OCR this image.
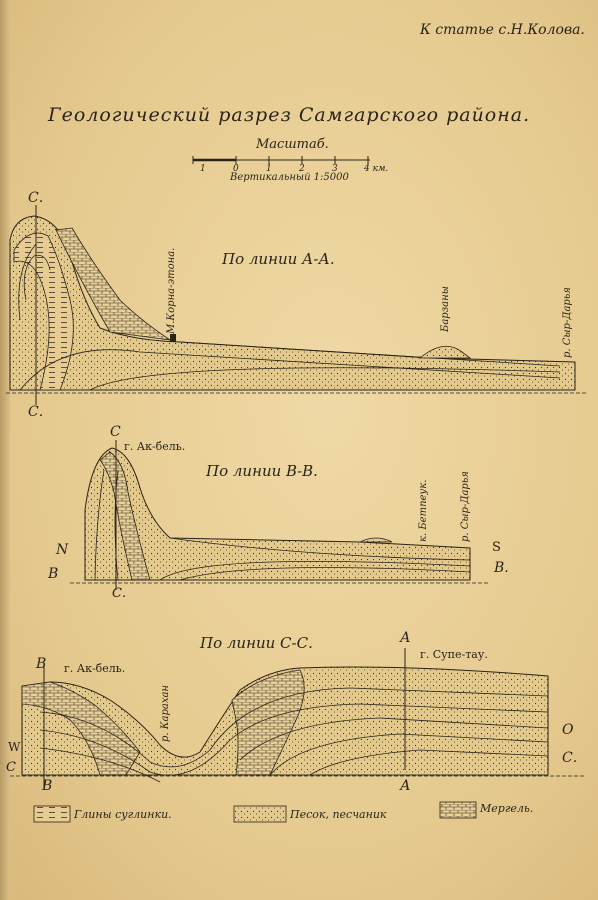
К статье с.Н.Колова.
Геологический разрез Самгарского района.
Масштаб.
1	0	1	2	3	4 км.
Вертикальный 1:5000
По линии А-А.
С.
С.
М.Корна-этона.	Барзаны	р. Сыр-Дарья
По линии В-В.
С
С.
г. Ак-бель.
к. Бетпеук.	р. Сыр-Дарья
N	S
В	В.
По линии С-С.
В
В
W
С
О
С.
А
А
г. Ак-бель.
г. Супе-тау.
р. Карахан
Глины суглинки.	Песок, песчаник	Мергель.
